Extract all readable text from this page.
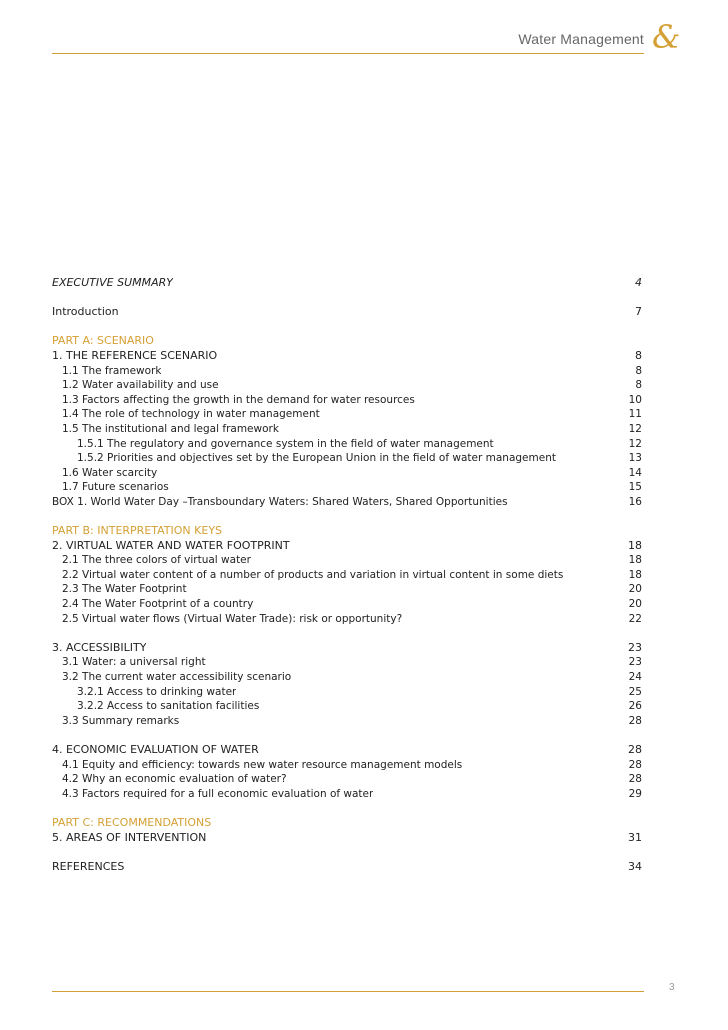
Water Management &
EXECUTIVE SUMMARY	4
Introduction	7
PART A: SCENARIO
1. THE REFERENCE SCENARIO	8
1.1 The framework	8
1.2 Water availability and use	8
1.3 Factors affecting the growth in the demand for water resources	10
1.4 The role of technology in water management	11
1.5 The institutional and legal framework	12
1.5.1 The regulatory and governance system in the field of water management	12
1.5.2 Priorities and objectives set by the European Union in the field of water management	13
1.6 Water scarcity	14
1.7 Future scenarios	15
BOX 1. World Water Day –Transboundary Waters: Shared Waters, Shared Opportunities	16
PART B: INTERPRETATION KEYS
2. VIRTUAL WATER AND WATER FOOTPRINT	18
2.1 The three colors of virtual water	18
2.2 Virtual water content of a number of products and variation in virtual content in some diets	18
2.3 The Water Footprint	20
2.4 The Water Footprint of a country	20
2.5 Virtual water flows (Virtual Water Trade): risk or opportunity?	22
3. ACCESSIBILITY	23
3.1 Water: a universal right	23
3.2 The current water accessibility scenario	24
3.2.1 Access to drinking water	25
3.2.2 Access to sanitation facilities	26
3.3 Summary remarks	28
4. ECONOMIC EVALUATION OF WATER	28
4.1 Equity and efficiency: towards new water resource management models	28
4.2 Why an economic evaluation of water?	28
4.3 Factors required for a full economic evaluation of water	29
PART C: RECOMMENDATIONS
5. AREAS OF INTERVENTION	31
REFERENCES	34
3
